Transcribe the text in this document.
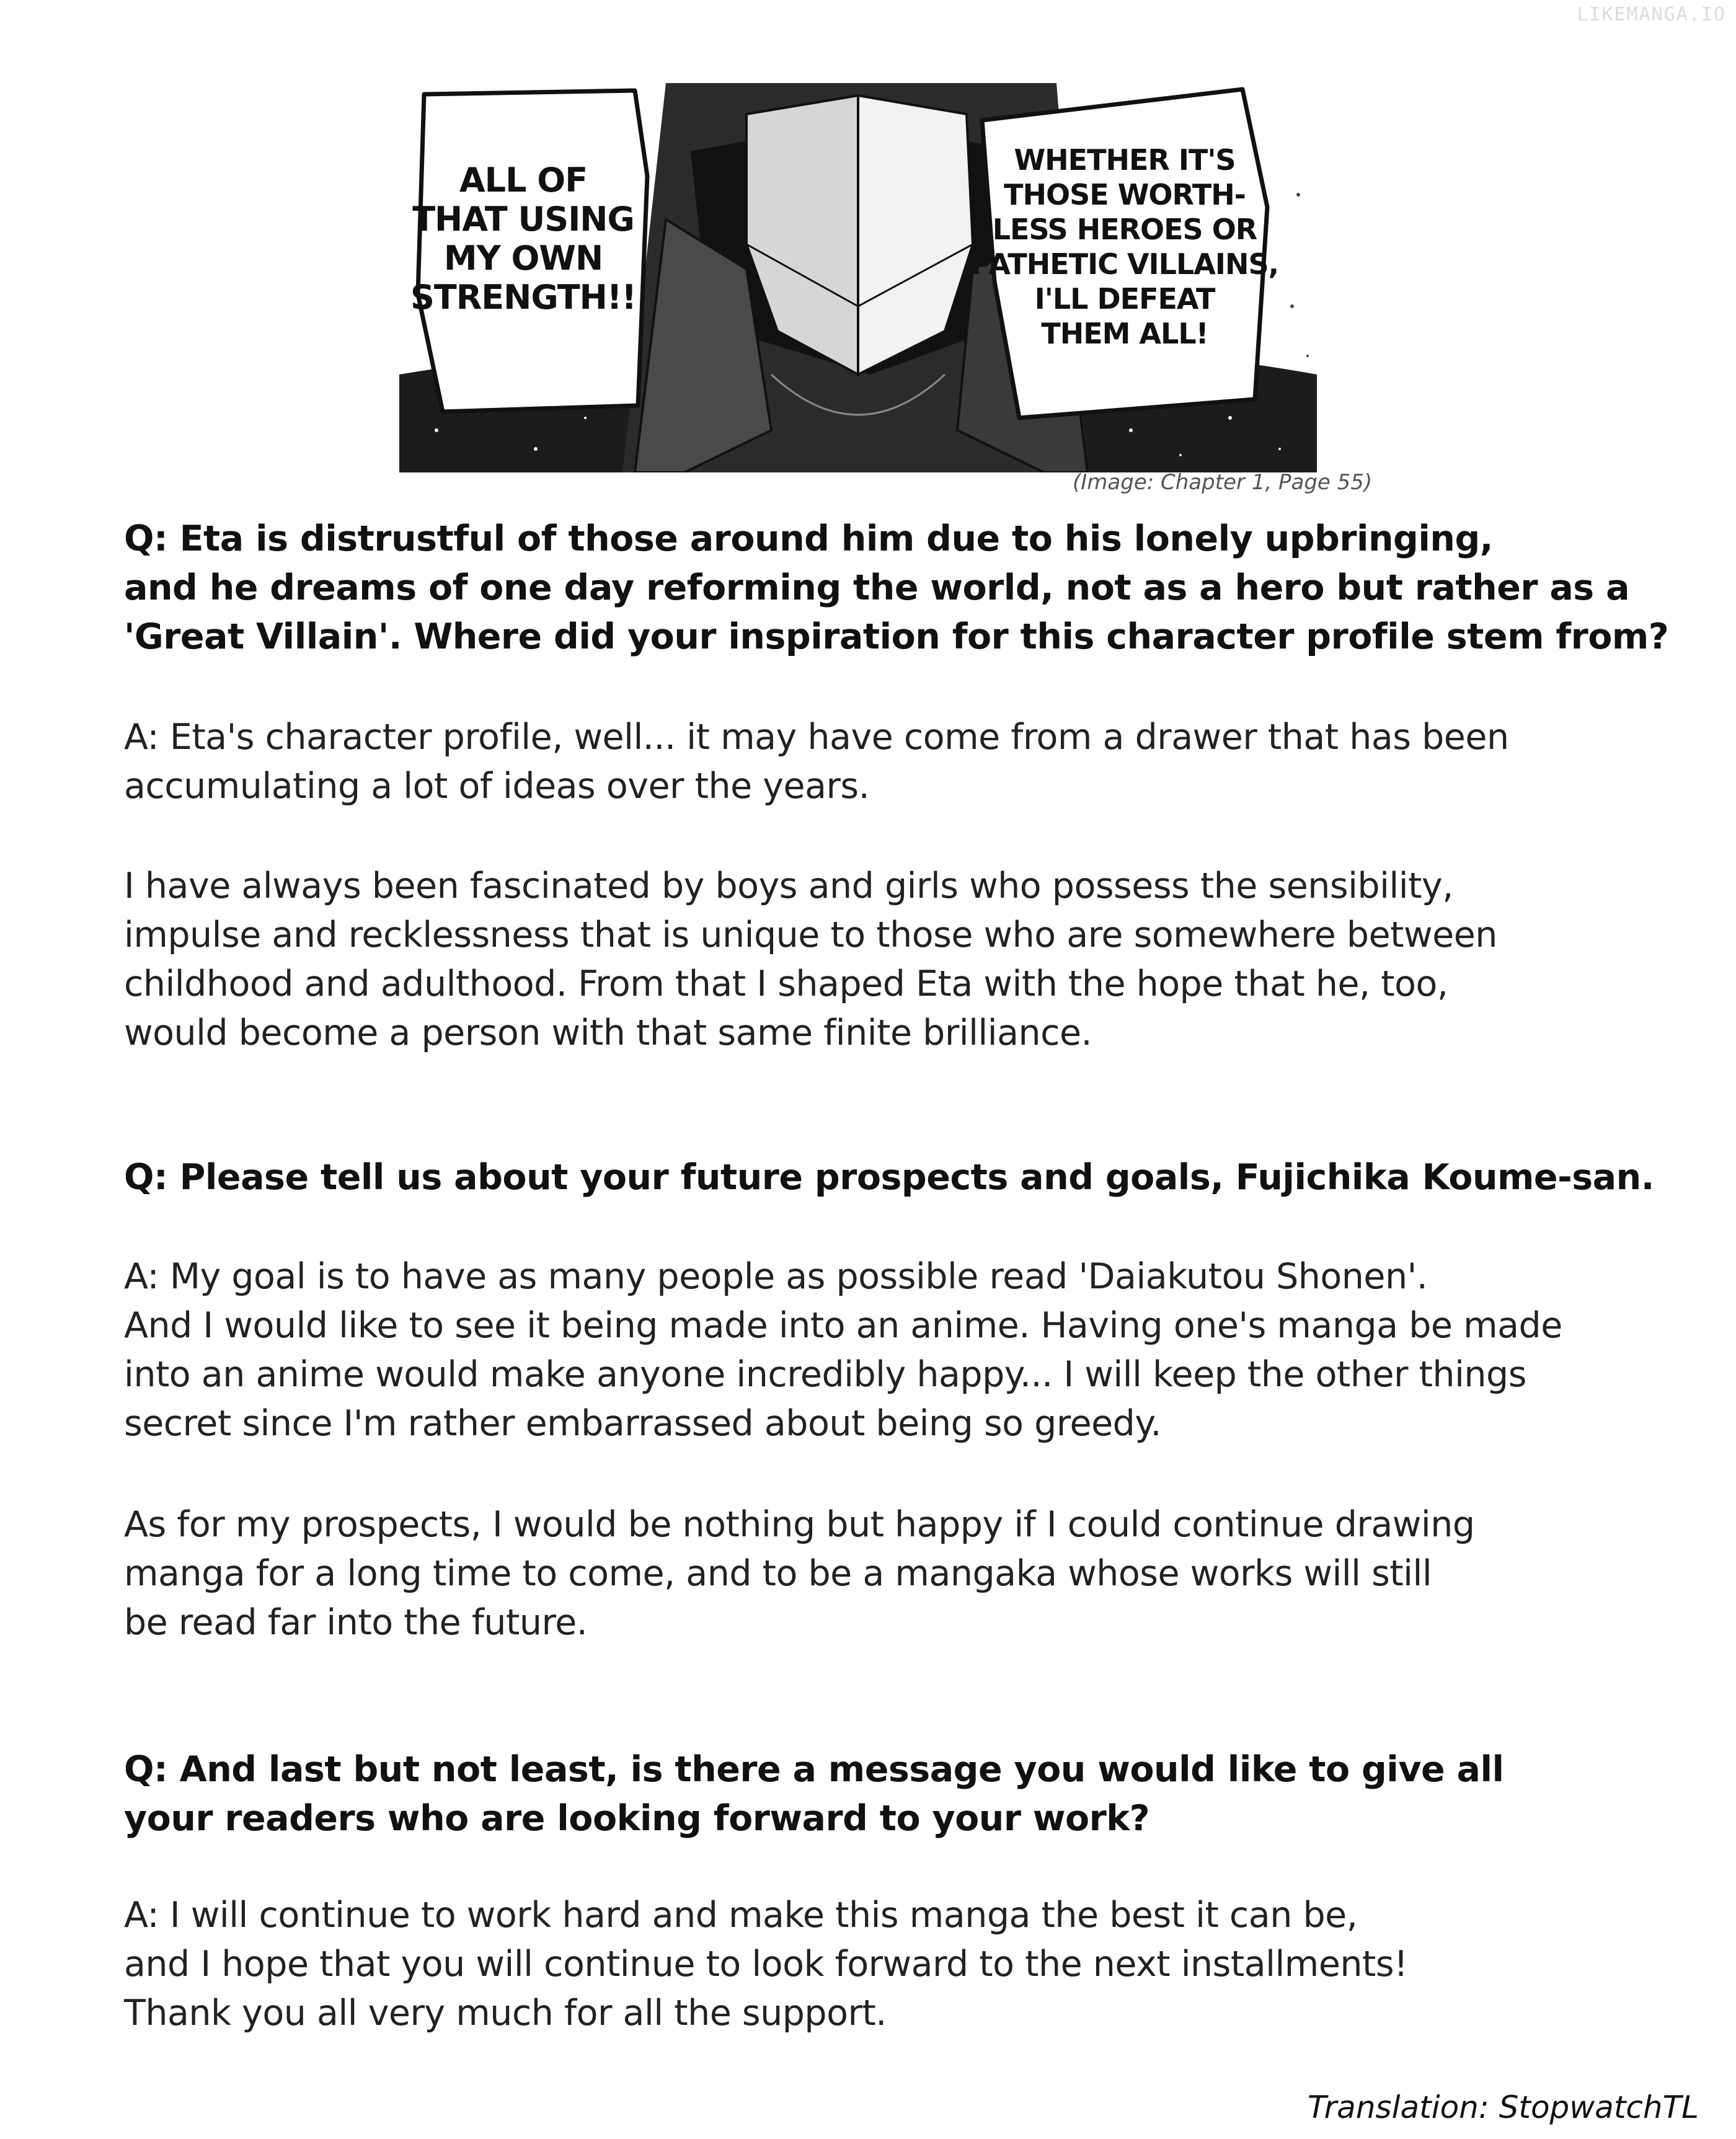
LIKEMANGA.IO
ALL OF
THAT USING
MY OWN
STRENGTH!!
WHETHER IT'S
THOSE WORTH-
LESS HEROES OR
PATHETIC VILLAINS,
I'LL DEFEAT
THEM ALL!
(Image: Chapter 1, Page 55)

Q: Eta is distrustful of those around him due to his lonely upbringing,
and he dreams of one day reforming the world, not as a hero but rather as a
'Great Villain'. Where did your inspiration for this character profile stem from?

A: Eta's character profile, well... it may have come from a drawer that has been
accumulating a lot of ideas over the years.

I have always been fascinated by boys and girls who possess the sensibility,
impulse and recklessness that is unique to those who are somewhere between
childhood and adulthood. From that I shaped Eta with the hope that he, too,
would become a person with that same finite brilliance.

Q: Please tell us about your future prospects and goals, Fujichika Koume-san.

A: My goal is to have as many people as possible read 'Daiakutou Shonen'.
And I would like to see it being made into an anime. Having one's manga be made
into an anime would make anyone incredibly happy... I will keep the other things
secret since I'm rather embarrassed about being so greedy.

As for my prospects, I would be nothing but happy if I could continue drawing
manga for a long time to come, and to be a mangaka whose works will still
be read far into the future.

Q: And last but not least, is there a message you would like to give all
your readers who are looking forward to your work?

A: I will continue to work hard and make this manga the best it can be,
and I hope that you will continue to look forward to the next installments!
Thank you all very much for all the support.

Translation: StopwatchTL
